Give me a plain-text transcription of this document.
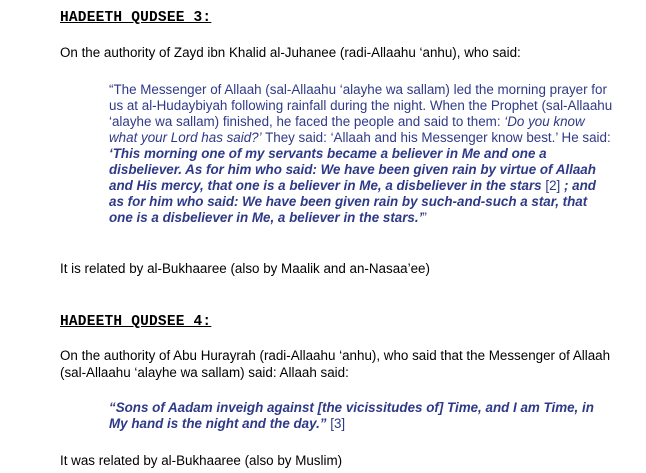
HADEETH QUDSEE 3:
On the authority of Zayd ibn Khalid al-Juhanee (radi-Allaahu ‘anhu), who said:
“The Messenger of Allaah (sal-Allaahu ‘alayhe wa sallam) led the morning prayer for us at al-Hudaybiyah following rainfall during the night. When the Prophet (sal-Allaahu ‘alayhe wa sallam) finished, he faced the people and said to them: ‘Do you know what your Lord has said?’ They said: ‘Allaah and his Messenger know best.’ He said: ‘This morning one of my servants became a believer in Me and one a disbeliever. As for him who said: We have been given rain by virtue of Allaah and His mercy, that one is a believer in Me, a disbeliever in the stars [2] ; and as for him who said: We have been given rain by such-and-such a star, that one is a disbeliever in Me, a believer in the stars.’”
It is related by al-Bukhaaree (also by Maalik and an-Nasaa’ee)
HADEETH QUDSEE 4:
On the authority of Abu Hurayrah (radi-Allaahu ‘anhu), who said that the Messenger of Allaah (sal-Allaahu ‘alayhe wa sallam) said: Allaah said:
“Sons of Aadam inveigh against [the vicissitudes of] Time, and I am Time, in My hand is the night and the day.” [3]
It was related by al-Bukhaaree (also by Muslim)
